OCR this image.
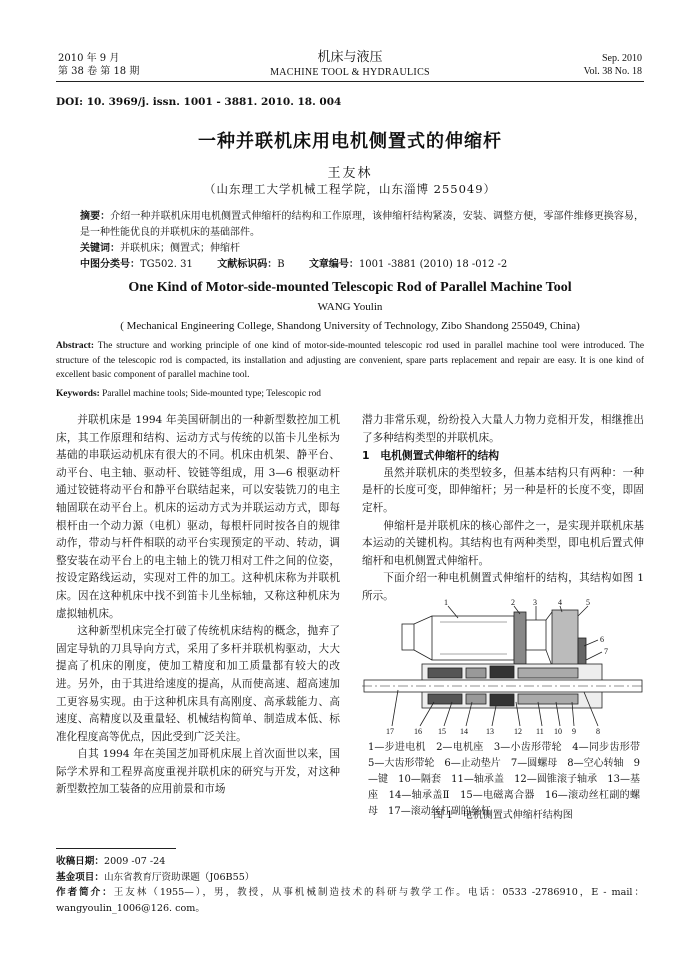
2010 年 9 月
第 38 卷 第 18 期
机床与液压
MACHINE TOOL & HYDRAULICS
Sep. 2010
Vol. 38 No. 18
DOI: 10. 3969/j. issn. 1001 - 3881. 2010. 18. 004
一种并联机床用电机侧置式的伸缩杆
王友林
（山东理工大学机械工程学院，山东淄博 255049）
摘要：介绍一种并联机床用电机侧置式伸缩杆的结构和工作原理，该伸缩杆结构紧凑，安装、调整方便，零部件维修更换容易，是一种性能优良的并联机床的基础部件。
关键词：并联机床；侧置式；伸缩杆
中图分类号：TG502. 31 文献标识码：B 文章编号：1001 -3881 (2010) 18 -012 -2
One Kind of Motor-side-mounted Telescopic Rod of Parallel Machine Tool
WANG Youlin
( Mechanical Engineering College, Shandong University of Technology, Zibo Shandong 255049, China)
Abstract: The structure and working principle of one kind of motor-side-mounted telescopic rod used in parallel machine tool were introduced. The structure of the telescopic rod is compacted, its installation and adjusting are convenient, spare parts replacement and repair are easy. It is one kind of excellent basic component of parallel machine tool.
Keywords: Parallel machine tools; Side-mounted type; Telescopic rod

并联机床是 1994 年美国研制出的一种新型数控加工机床，其工作原理和结构、运动方式与传统的以笛卡儿坐标为基础的串联运动机床有很大的不同。机床由机架、静平台、动平台、电主轴、驱动杆、铰链等组成，用 3—6 根驱动杆通过铰链将动平台和静平台联结起来，可以安装铣刀的电主轴固联在动平台上。机床的运动方式为并联运动方式，即每根杆由一个动力源（电机）驱动，每根杆同时按各自的规律动作，带动与杆件相联的动平台实现预定的平动、转动，调整安装在动平台上的电主轴上的铣刀相对工件之间的位姿，按设定路线运动，实现对工件的加工。这种机床称为并联机床。因在这种机床中找不到笛卡儿坐标轴，又称这种机床为虚拟轴机床。

这种新型机床完全打破了传统机床结构的概念，抛弃了固定导轨的刀具导向方式，采用了多杆并联机构驱动，大大提高了机床的刚度，使加工精度和加工质量都有较大的改进。另外，由于其进给速度的提高，从而使高速、超高速加工更容易实现。由于这种机床具有高刚度、高承载能力、高速度、高精度以及重量轻、机械结构简单、制造成本低、标准化程度高等优点，因此受到广泛关注。

自其 1994 年在美国芝加哥机床展上首次面世以来，国际学术界和工程界高度重视并联机床的研究与开发，对这种新型数控加工装备的应用前景和市场

潜力非常乐观，纷纷投入大量人力物力竞相开发，相继推出了多种结构类型的并联机床。

1　电机侧置式伸缩杆的结构

虽然并联机床的类型较多，但基本结构只有两种：一种是杆的长度可变，即伸缩杆；另一种是杆的长度不变，即固定杆。

伸缩杆是并联机床的核心部件之一，是实现并联机床基本运动的关键机构。其结构也有两种类型，即电机后置式伸缩杆和电机侧置式伸缩杆。

下面介绍一种电机侧置式伸缩杆的结构，其结构如图 1 所示。

1	2 3	4	5
6
7
17	16 15 14 13	12 11 10 9	8
1—步进电机　2—电机座　3—小齿形带轮　4—同步齿形带　5—大齿形带轮　6—止动垫片　7—圆螺母　8—空心转轴　9—键　10—隔套　11—轴承盖　12—圆锥滚子轴承　13—基座　14—轴承盖Ⅱ　15—电磁离合器　16—滚动丝杠副的螺母　17—滚动丝杠副的丝杠
图 1　电机侧置式伸缩杆结构图
收稿日期：2009 -07 -24
基金项目：山东省教育厅资助课题（J06B55）
作者简介：王友林（1955—），男，教授，从事机械制造技术的科研与教学工作。电话：0533 -2786910，E - mail：wangyoulin_1006@126. com。
